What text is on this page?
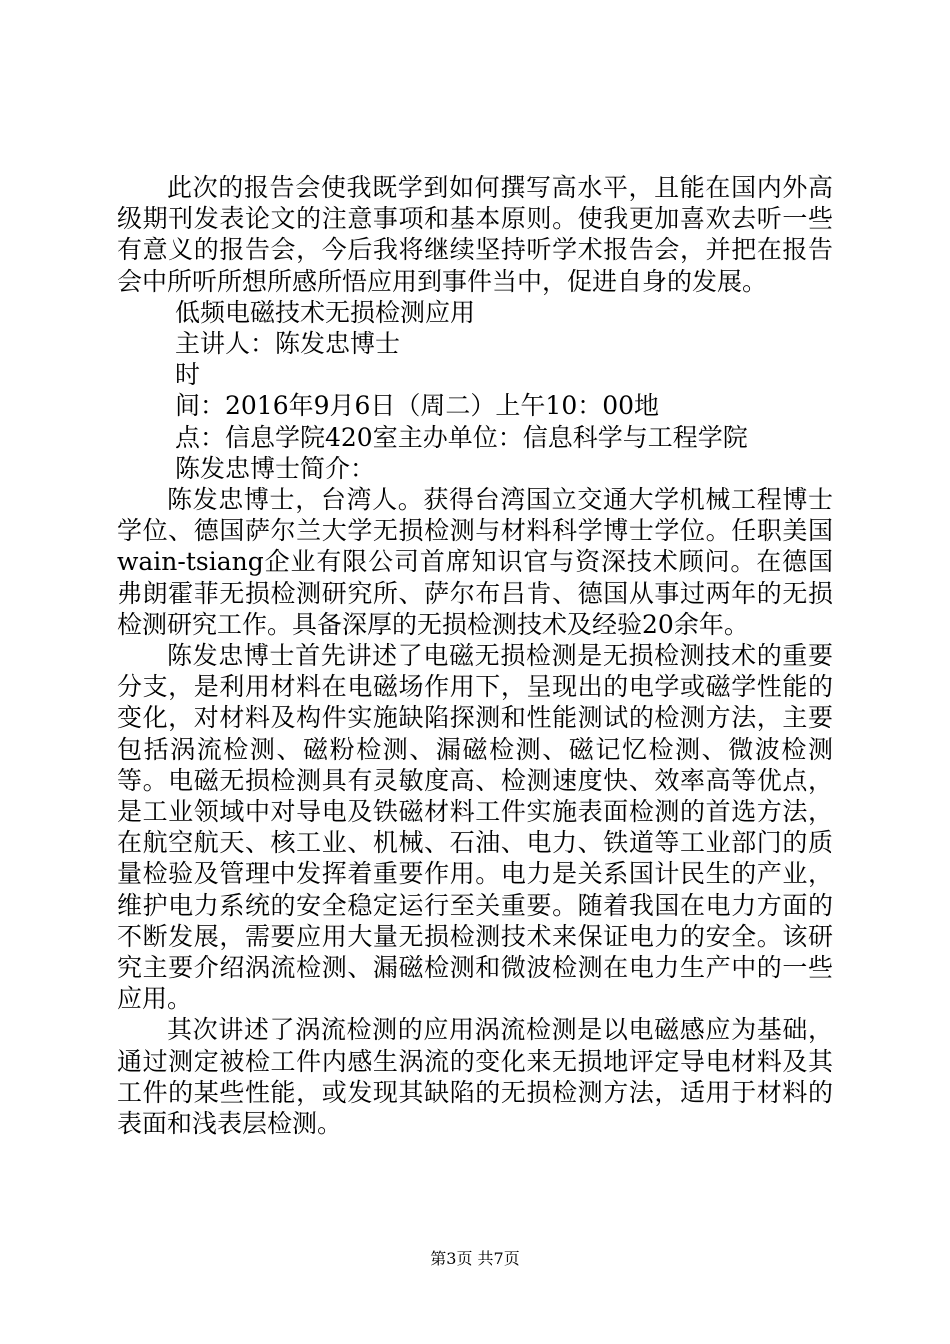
此次的报告会使我既学到如何撰写高水平，且能在国内外高级期刊发表论文的注意事项和基本原则。使我更加喜欢去听一些有意义的报告会，今后我将继续坚持听学术报告会，并把在报告会中所听所想所感所悟应用到事件当中，促进自身的发展。

低频电磁技术无损检测应用

主讲人：陈发忠博士

时

间：2016年9月6日（周二）上午10：00地

点：信息学院420室主办单位：信息科学与工程学院

陈发忠博士简介：

陈发忠博士，台湾人。获得台湾国立交通大学机械工程博士学位、德国萨尔兰大学无损检测与材料科学博士学位。任职美国wain-tsiang企业有限公司首席知识官与资深技术顾问。在德国弗朗霍菲无损检测研究所、萨尔布吕肯、德国从事过两年的无损检测研究工作。具备深厚的无损检测技术及经验20余年。

陈发忠博士首先讲述了电磁无损检测是无损检测技术的重要分支，是利用材料在电磁场作用下，呈现出的电学或磁学性能的变化，对材料及构件实施缺陷探测和性能测试的检测方法，主要包括涡流检测、磁粉检测、漏磁检测、磁记忆检测、微波检测等。电磁无损检测具有灵敏度高、检测速度快、效率高等优点，是工业领域中对导电及铁磁材料工件实施表面检测的首选方法，在航空航天、核工业、机械、石油、电力、铁道等工业部门的质量检验及管理中发挥着重要作用。电力是关系国计民生的产业，维护电力系统的安全稳定运行至关重要。随着我国在电力方面的不断发展，需要应用大量无损检测技术来保证电力的安全。该研究主要介绍涡流检测、漏磁检测和微波检测在电力生产中的一些应用。

其次讲述了涡流检测的应用涡流检测是以电磁感应为基础，通过测定被检工件内感生涡流的变化来无损地评定导电材料及其工件的某些性能，或发现其缺陷的无损检测方法，适用于材料的表面和浅表层检测。

第3页 共7页
